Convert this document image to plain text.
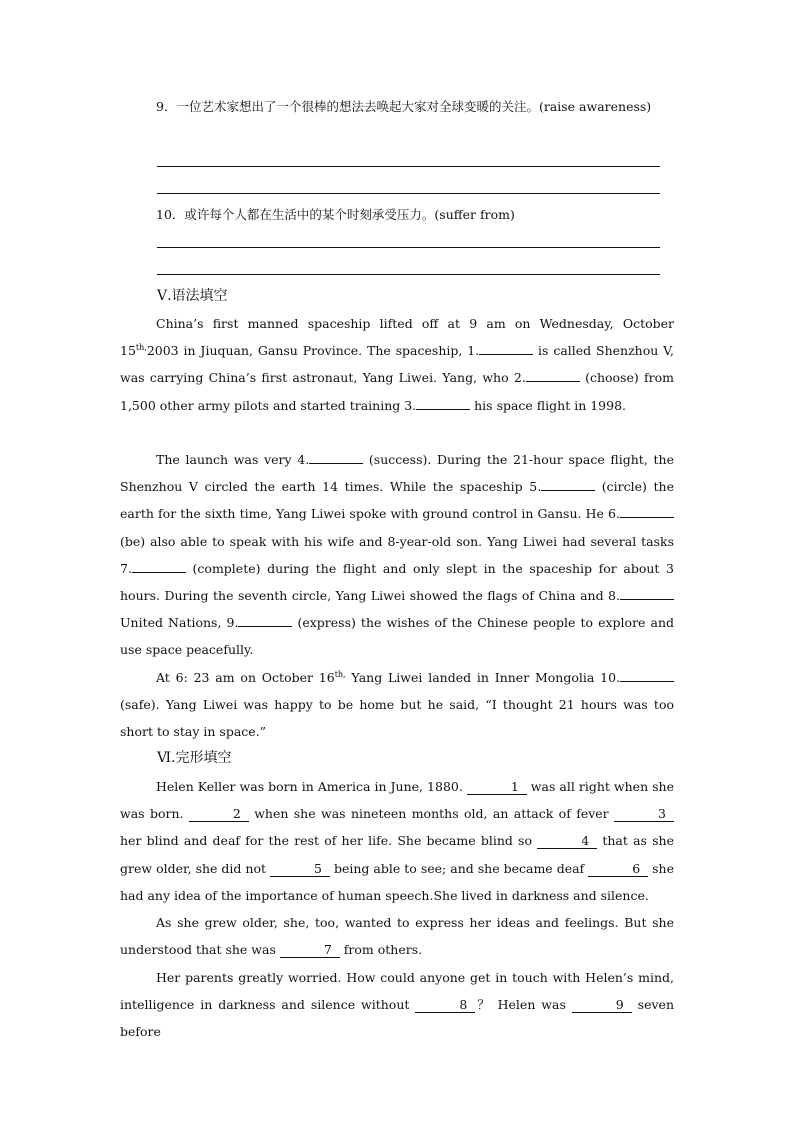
9．一位艺术家想出了一个很棒的想法去唤起大家对全球变暖的关注。(raise awareness)

10．或许每个人都在生活中的某个时刻承受压力。(suffer from)

Ⅴ.语法填空

China’s first manned spaceship lifted off at 9 am on Wednesday, October $15^{th,}2003$ in Jiuquan, Gansu Province. The spaceship, 1.	is called Shenzhou V, was carrying China’s first astronaut, Yang Liwei. Yang, who 2.	(choose) from 1,500 other army pilots and started training 3.	his space flight in 1998.

The launch was very 4.	(success). During the 21-hour space flight, the Shenzhou V circled the earth 14 times. While the spaceship 5.	(circle) the earth for the sixth time, Yang Liwei spoke with ground control in Gansu. He 6. (be) also able to speak with his wife and 8-year-old son. Yang Liwei had several tasks 7.	(complete) during the flight and only slept in the spaceship for about 3 hours. During the seventh circle, Yang Liwei showed the flags of China and 8. United Nations, 9.	(express) the wishes of the Chinese people to explore and use space peacefully.

At 6: 23 am on October $16^{th,}$ Yang Liwei landed in Inner Mongolia 10. (safe). Yang Liwei was happy to be home but he said, “I thought 21 hours was too short to stay in space.”

Ⅵ.完形填空

Helen Keller was born in America in June, 1880.	1 was all right when she was born.	2 when she was nineteen months old, an attack of fever	3 her blind and deaf for the rest of her life. She became blind so	4 that as she grew older, she did not	5 being able to see; and she became deaf	6 she had any idea of the importance of human speech.She lived in darkness and silence.

As she grew older, she, too, wanted to express her ideas and feelings. But she understood that she was	7 from others.

Her parents greatly worried. How could anyone get in touch with Helen’s mind, intelligence in darkness and silence without	8 ？ Helen was	9 seven before
